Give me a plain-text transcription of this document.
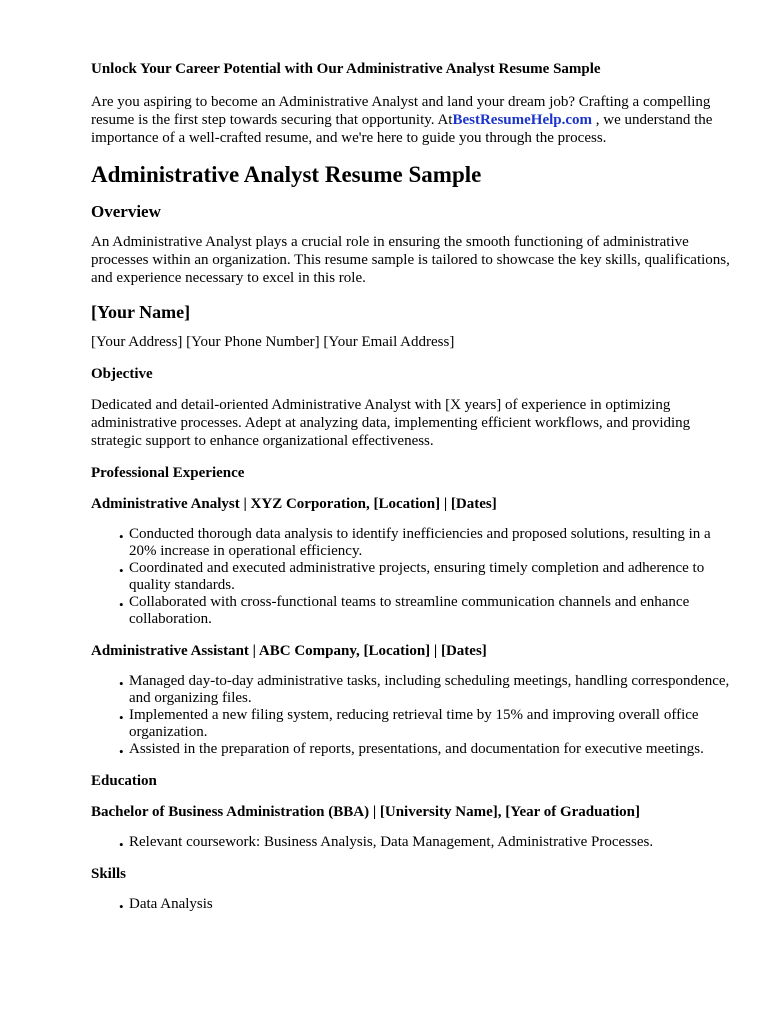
Unlock Your Career Potential with Our Administrative Analyst Resume Sample

Are you aspiring to become an Administrative Analyst and land your dream job? Crafting a compelling resume is the first step towards securing that opportunity. AtBestResumeHelp.com , we understand the importance of a well-crafted resume, and we're here to guide you through the process.

Administrative Analyst Resume Sample
Overview

An Administrative Analyst plays a crucial role in ensuring the smooth functioning of administrative processes within an organization. This resume sample is tailored to showcase the key skills, qualifications, and experience necessary to excel in this role.

[Your Name]

[Your Address] [Your Phone Number] [Your Email Address]

Objective

Dedicated and detail-oriented Administrative Analyst with [X years] of experience in optimizing administrative processes. Adept at analyzing data, implementing efficient workflows, and providing strategic support to enhance organizational effectiveness.

Professional Experience
Administrative Analyst | XYZ Corporation, [Location] | [Dates]
• Conducted thorough data analysis to identify inefficiencies and proposed solutions, resulting in a 20% increase in operational efficiency.
• Coordinated and executed administrative projects, ensuring timely completion and adherence to quality standards.
• Collaborated with cross-functional teams to streamline communication channels and enhance collaboration.
Administrative Assistant | ABC Company, [Location] | [Dates]
• Managed day-to-day administrative tasks, including scheduling meetings, handling correspondence, and organizing files.
• Implemented a new filing system, reducing retrieval time by 15% and improving overall office organization.
• Assisted in the preparation of reports, presentations, and documentation for executive meetings.
Education
Bachelor of Business Administration (BBA) | [University Name], [Year of Graduation]
• Relevant coursework: Business Analysis, Data Management, Administrative Processes.
Skills
• Data Analysis
